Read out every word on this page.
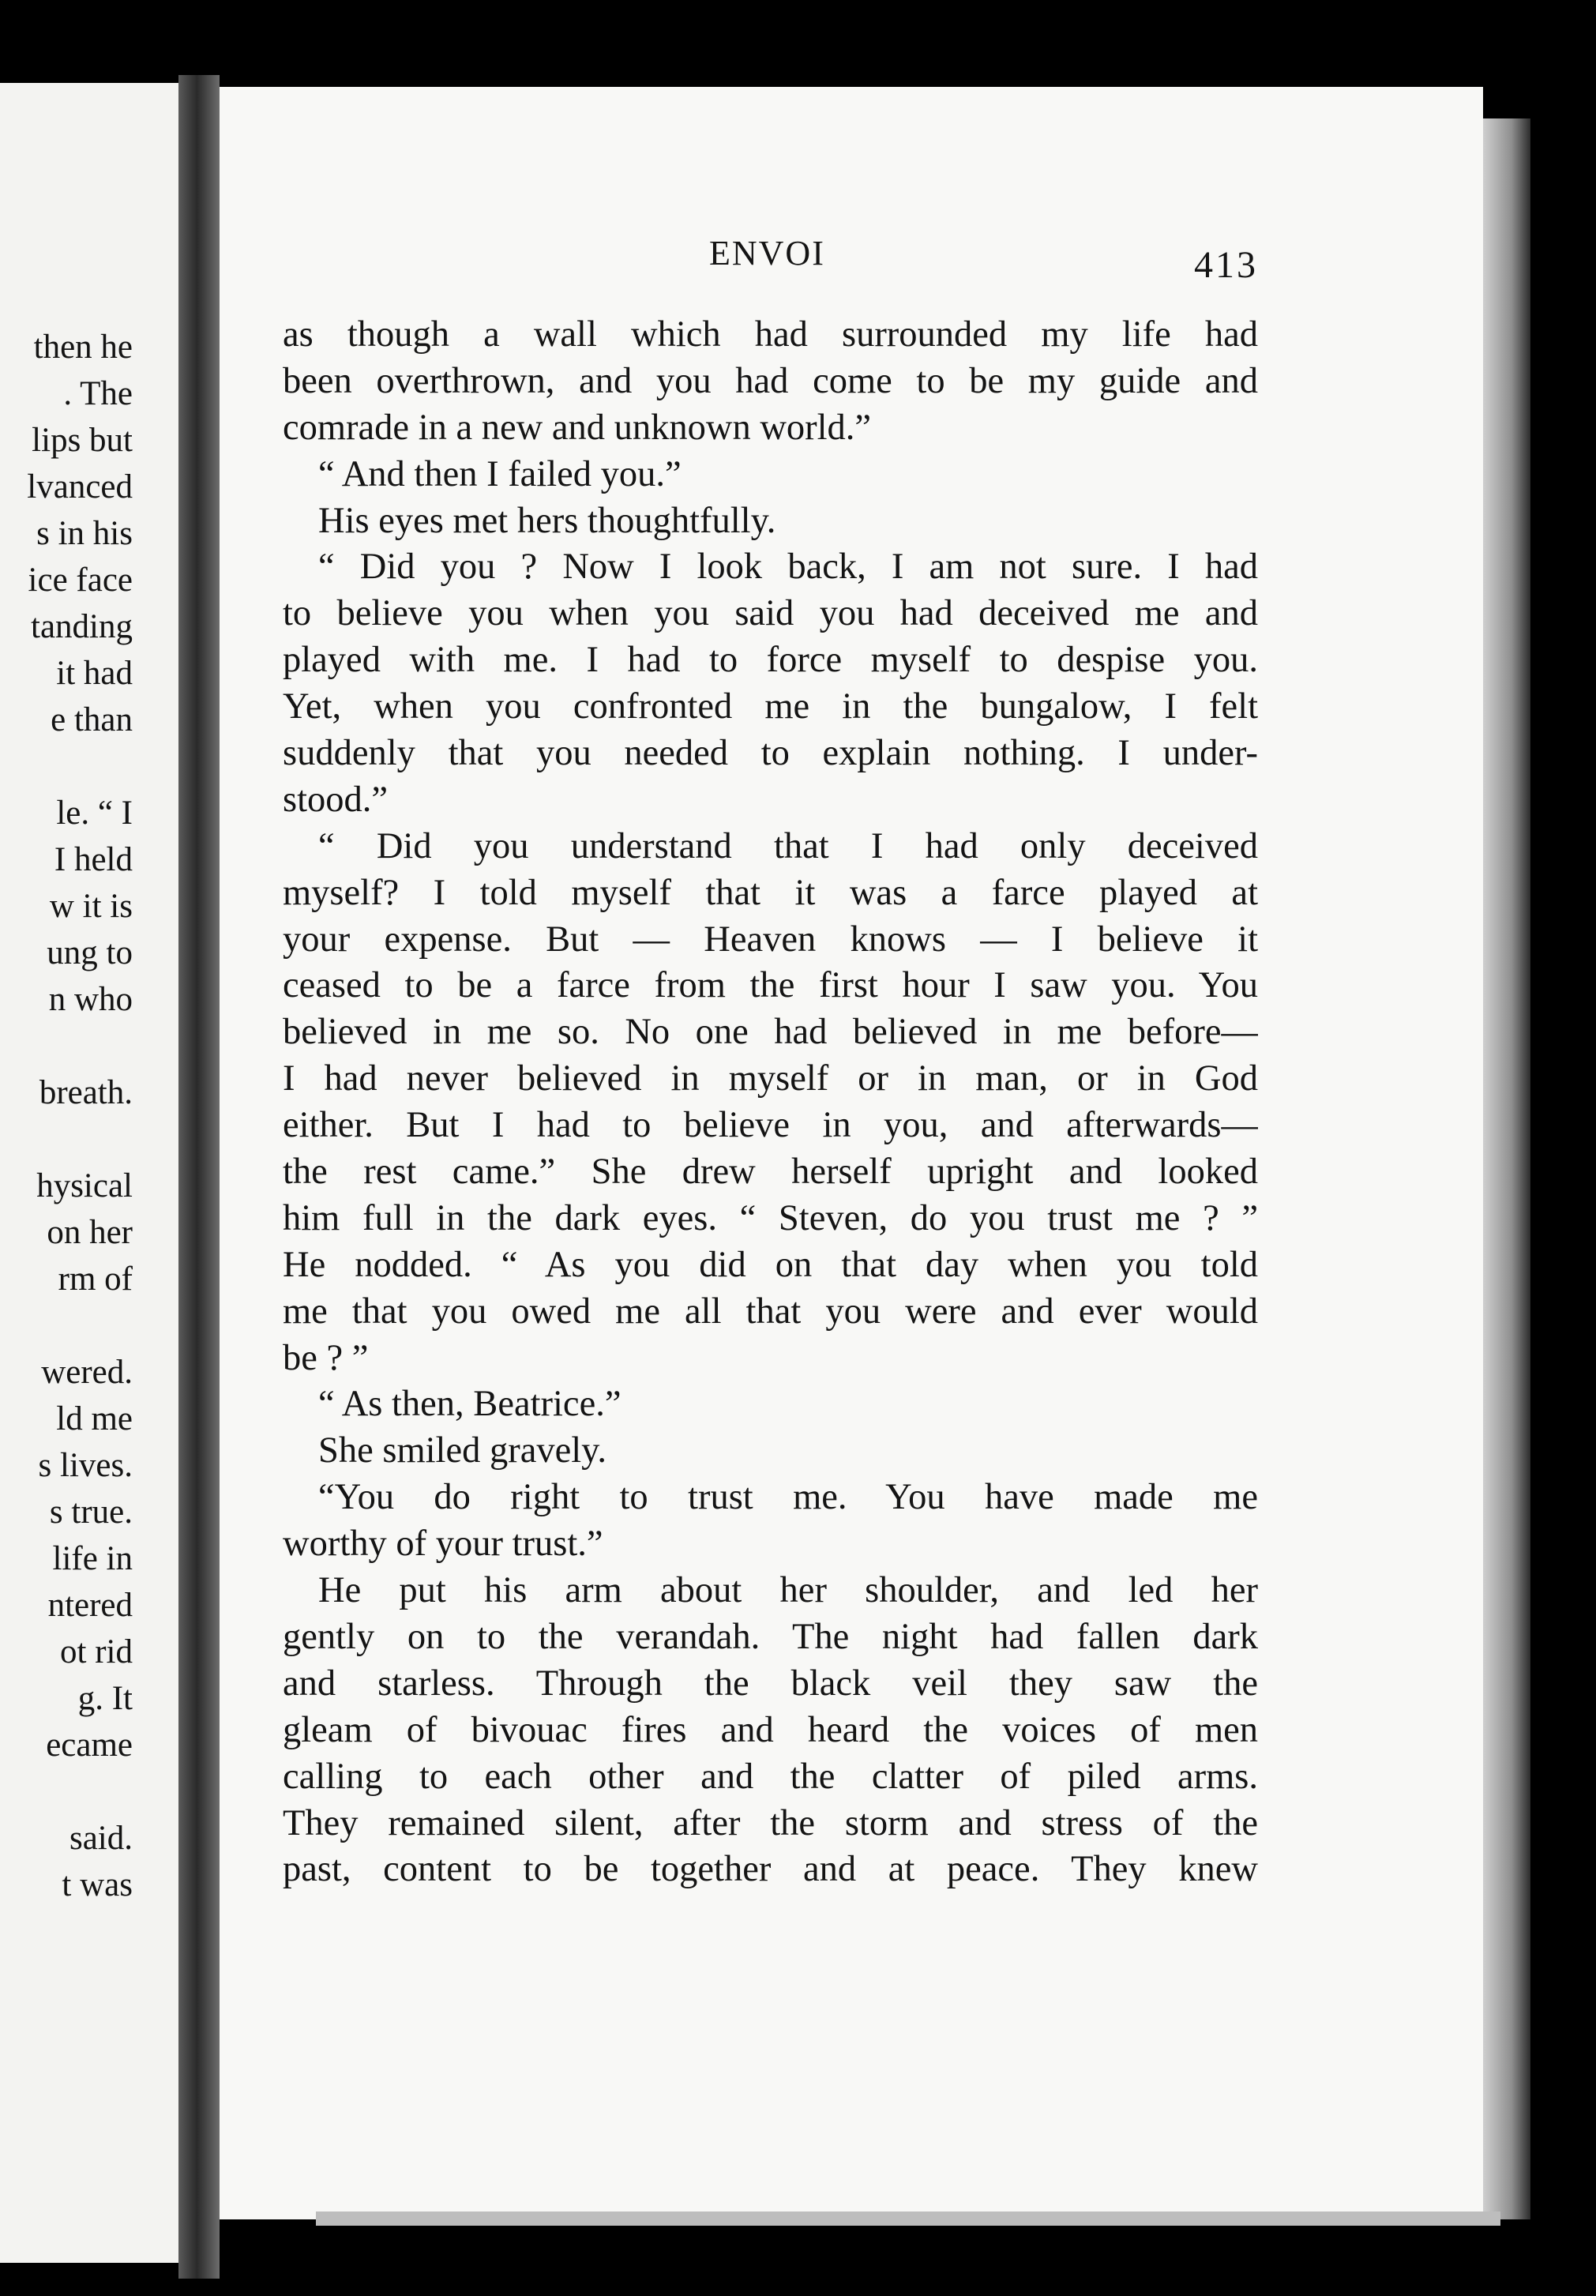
then he
. The
lips but
lvanced
s in his
ice face
tanding
it had
e than
le. “ I
I held
w it is
ung to
n who
breath.
hysical
on her
rm of
wered.
ld me
s lives.
s true.
life in
ntered
ot rid
g. It
ecame
said.
t was
ENVOI	413
as though a wall which had surrounded my life had
been overthrown, and you had come to be my guide and
comrade in a new and unknown world.”
“ And then I failed you.”
His eyes met hers thoughtfully.
“ Did you ? Now I look back, I am not sure. I had
to believe you when you said you had deceived me and
played with me. I had to force myself to despise you.
Yet, when you confronted me in the bungalow, I felt
suddenly that you needed to explain nothing. I under-
stood.”
“ Did you understand that I had only deceived
myself? I told myself that it was a farce played at
your expense. But — Heaven knows — I believe it
ceased to be a farce from the first hour I saw you. You
believed in me so. No one had believed in me before—
I had never believed in myself or in man, or in God
either. But I had to believe in you, and afterwards—
the rest came.” She drew herself upright and looked
him full in the dark eyes. “ Steven, do you trust me ? ”
He nodded. “ As you did on that day when you told
me that you owed me all that you were and ever would
be ? ”
“ As then, Beatrice.”
She smiled gravely.
“You do right to trust me. You have made me
worthy of your trust.”
He put his arm about her shoulder, and led her
gently on to the verandah. The night had fallen dark
and starless. Through the black veil they saw the
gleam of bivouac fires and heard the voices of men
calling to each other and the clatter of piled arms.
They remained silent, after the storm and stress of the
past, content to be together and at peace. They knew
